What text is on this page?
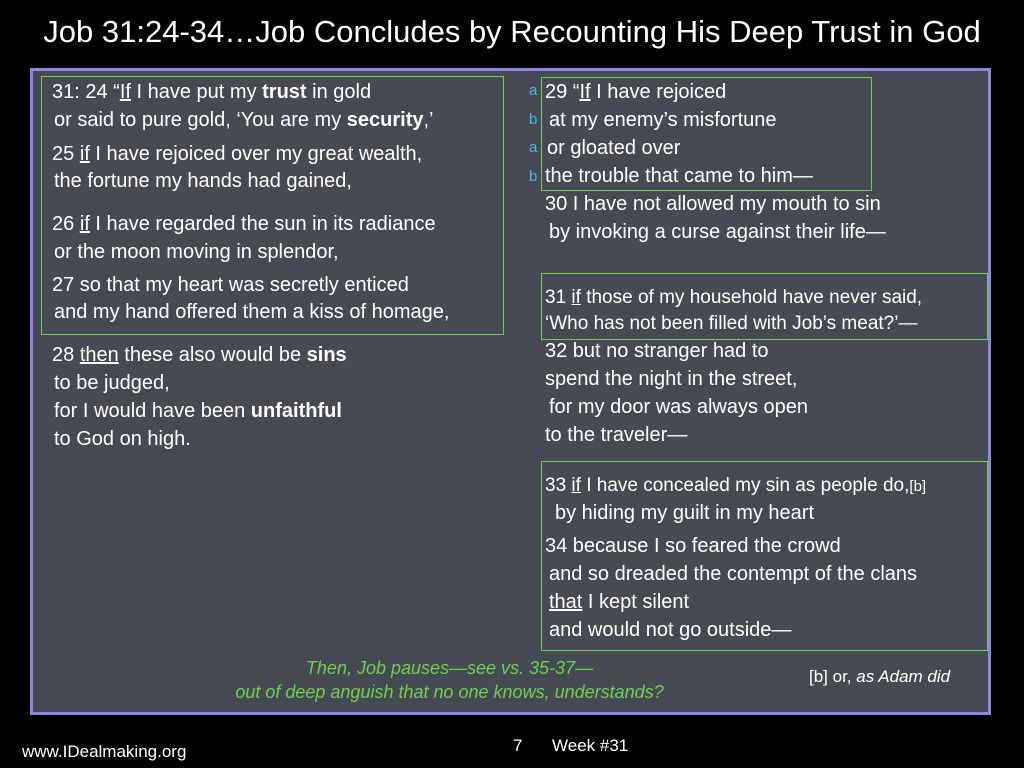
Job 31:24-34…Job Concludes by Recounting His Deep Trust in God
31: 24 “If I have put my trust in gold
or said to pure gold, ‘You are my security,’
25 if I have rejoiced over my great wealth,
the fortune my hands had gained,
26 if I have regarded the sun in its radiance
or the moon moving in splendor,
27 so that my heart was secretly enticed
and my hand offered them a kiss of homage,
28 then these also would be sins
to be judged,
for I would have been unfaithful
to God on high.
a
b
a
b
29 “If I have rejoiced
at my enemy’s misfortune
or gloated over
the trouble that came to him—
30 I have not allowed my mouth to sin
by invoking a curse against their life—
31 if those of my household have never said,
‘Who has not been filled with Job’s meat?’—
32 but no stranger had to
spend the night in the street,
for my door was always open
to the traveler—
33 if I have concealed my sin as people do,[b]
by hiding my guilt in my heart
34 because I so feared the crowd
and so dreaded the contempt of the clans
that I kept silent
and would not go outside—
Then, Job pauses—see vs. 35-37—
out of deep anguish that no one knows, understands?
[b] or, as Adam did
www.IDealmaking.org	7 Week #31
